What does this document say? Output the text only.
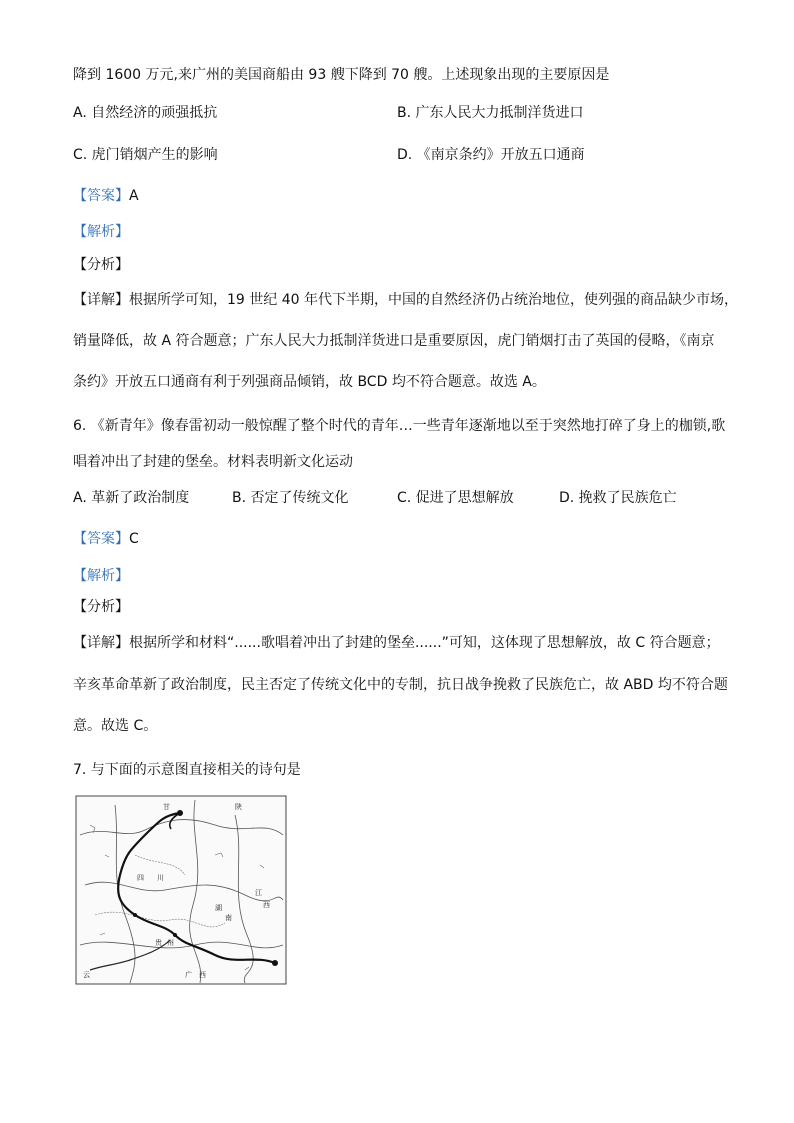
降到 1600 万元,来广州的美国商船由 93 艘下降到 70 艘。上述现象出现的主要原因是
A. 自然经济的顽强抵抗	B. 广东人民大力抵制洋货进口
C. 虎门销烟产生的影响	D. 《南京条约》开放五口通商
【答案】A
【解析】
【分析】
【详解】根据所学可知，19 世纪 40 年代下半期，中国的自然经济仍占统治地位，使列强的商品缺少市场，
销量降低，故 A 符合题意；广东人民大力抵制洋货进口是重要原因，虎门销烟打击了英国的侵略，《南京
条约》开放五口通商有利于列强商品倾销，故 BCD 均不符合题意。故选 A。
6. 《新青年》像春雷初动一般惊醒了整个时代的青年…一些青年逐渐地以至于突然地打碎了身上的枷锁,歌
唱着冲出了封建的堡垒。材料表明新文化运动
A. 革新了政治制度	B. 否定了传统文化	C. 促进了思想解放	D. 挽救了民族危亡
【答案】C
【解析】
【分析】
【详解】根据所学和材料“......歌唱着冲出了封建的堡垒......”可知，这体现了思想解放，故 C 符合题意；
辛亥革命革新了政治制度，民主否定了传统文化中的专制，抗日战争挽救了民族危亡，故 ABD 均不符合题
意。故选 C。
7. 与下面的示意图直接相关的诗句是
甘	陕
四 川
贵 州
湖
南
广 西
云
江
西
